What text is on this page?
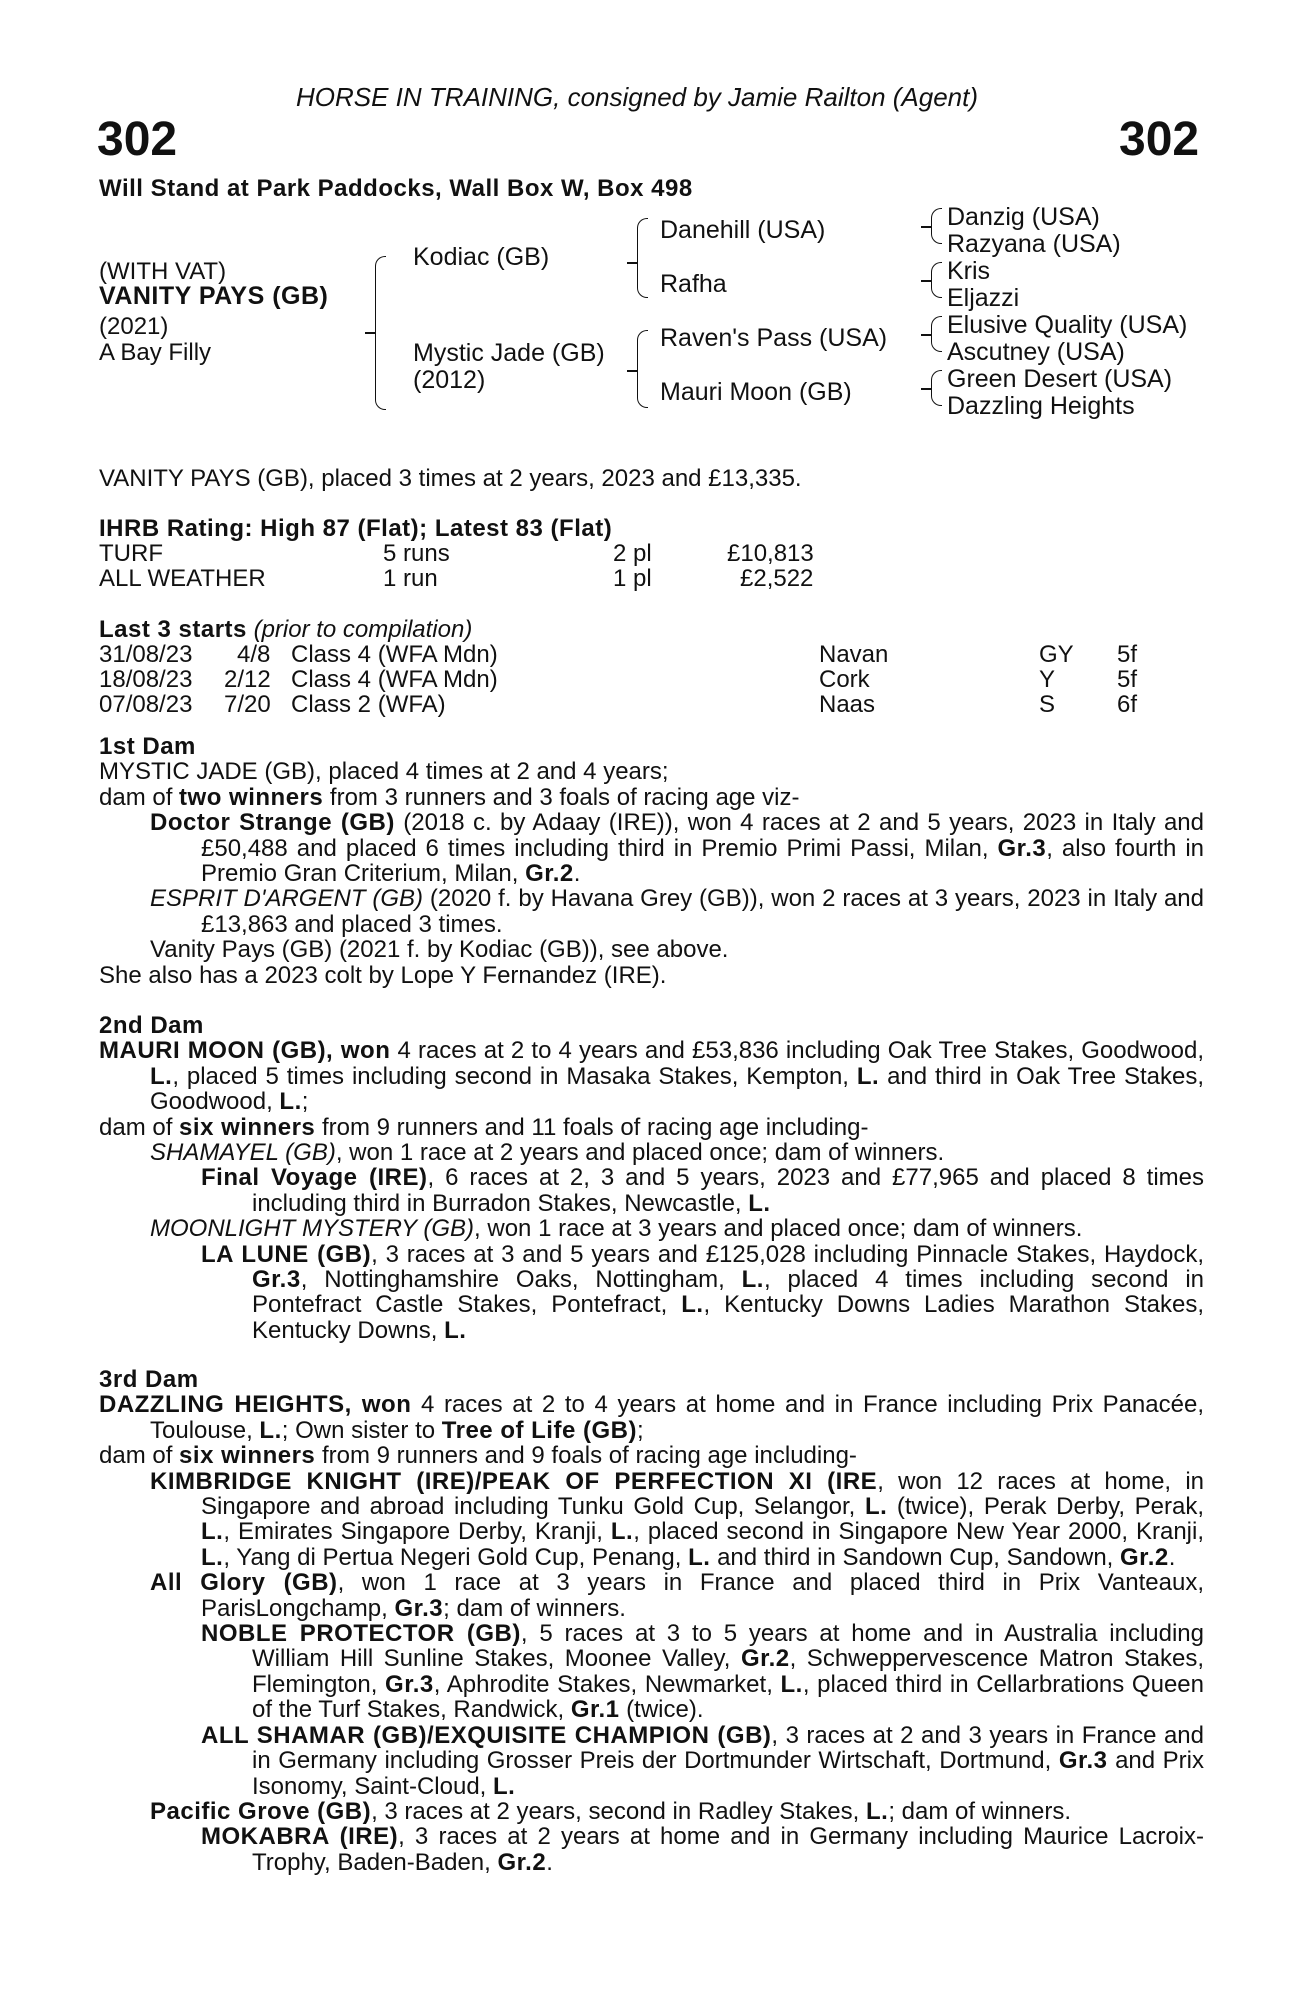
HORSE IN TRAINING, consigned by Jamie Railton (Agent)
302	302
Will Stand at Park Paddocks, Wall Box W, Box 498
(WITH VAT)
VANITY PAYS (GB)
(2021)
A Bay Filly
Kodiac (GB)
Mystic Jade (GB)
(2012)
Danehill (USA)
Rafha
Raven's Pass (USA)
Mauri Moon (GB)
Danzig (USA)
Razyana (USA)
Kris
Eljazzi
Elusive Quality (USA)
Ascutney (USA)
Green Desert (USA)
Dazzling Heights
VANITY PAYS (GB), placed 3 times at 2 years, 2023 and £13,335.
IHRB Rating: High 87 (Flat); Latest 83 (Flat)
TURF	5 runs	2 pl	£10,813
ALL WEATHER	1 run	1 pl	£2,522
Last 3 starts (prior to compilation)
31/08/23 4/8 Class 4 (WFA Mdn)	Navan	GY 5f
18/08/23 2/12 Class 4 (WFA Mdn)	Cork	Y	5f
07/08/23 7/20 Class 2 (WFA)	Naas	S	6f
1st Dam
MYSTIC JADE (GB), placed 4 times at 2 and 4 years;
dam of two winners from 3 runners and 3 foals of racing age viz-
Doctor Strange (GB) (2018 c. by Adaay (IRE)), won 4 races at 2 and 5 years, 2023 in Italy and £50,488 and placed 6 times including third in Premio Primi Passi, Milan, Gr.3, also fourth in Premio Gran Criterium, Milan, Gr.2.
ESPRIT D'ARGENT (GB) (2020 f. by Havana Grey (GB)), won 2 races at 3 years, 2023 in Italy and £13,863 and placed 3 times.
Vanity Pays (GB) (2021 f. by Kodiac (GB)), see above.
She also has a 2023 colt by Lope Y Fernandez (IRE).
2nd Dam
MAURI MOON (GB), won 4 races at 2 to 4 years and £53,836 including Oak Tree Stakes, Goodwood, L., placed 5 times including second in Masaka Stakes, Kempton, L. and third in Oak Tree Stakes, Goodwood, L.;
dam of six winners from 9 runners and 11 foals of racing age including-
SHAMAYEL (GB), won 1 race at 2 years and placed once; dam of winners.
Final Voyage (IRE), 6 races at 2, 3 and 5 years, 2023 and £77,965 and placed 8 times including third in Burradon Stakes, Newcastle, L.
MOONLIGHT MYSTERY (GB), won 1 race at 3 years and placed once; dam of winners.
LA LUNE (GB), 3 races at 3 and 5 years and £125,028 including Pinnacle Stakes, Haydock, Gr.3, Nottinghamshire Oaks, Nottingham, L., placed 4 times including second in Pontefract Castle Stakes, Pontefract, L., Kentucky Downs Ladies Marathon Stakes, Kentucky Downs, L.
3rd Dam
DAZZLING HEIGHTS, won 4 races at 2 to 4 years at home and in France including Prix Panacée, Toulouse, L.; Own sister to Tree of Life (GB);
dam of six winners from 9 runners and 9 foals of racing age including-
KIMBRIDGE KNIGHT (IRE)/PEAK OF PERFECTION XI (IRE, won 12 races at home, in Singapore and abroad including Tunku Gold Cup, Selangor, L. (twice), Perak Derby, Perak, L., Emirates Singapore Derby, Kranji, L., placed second in Singapore New Year 2000, Kranji, L., Yang di Pertua Negeri Gold Cup, Penang, L. and third in Sandown Cup, Sandown, Gr.2.
All Glory (GB), won 1 race at 3 years in France and placed third in Prix Vanteaux, ParisLongchamp, Gr.3; dam of winners.
NOBLE PROTECTOR (GB), 5 races at 3 to 5 years at home and in Australia including William Hill Sunline Stakes, Moonee Valley, Gr.2, Schweppervescence Matron Stakes, Flemington, Gr.3, Aphrodite Stakes, Newmarket, L., placed third in Cellarbrations Queen of the Turf Stakes, Randwick, Gr.1 (twice).
ALL SHAMAR (GB)/EXQUISITE CHAMPION (GB), 3 races at 2 and 3 years in France and in Germany including Grosser Preis der Dortmunder Wirtschaft, Dortmund, Gr.3 and Prix Isonomy, Saint-Cloud, L.
Pacific Grove (GB), 3 races at 2 years, second in Radley Stakes, L.; dam of winners.
MOKABRA (IRE), 3 races at 2 years at home and in Germany including Maurice Lacroix-Trophy, Baden-Baden, Gr.2.
